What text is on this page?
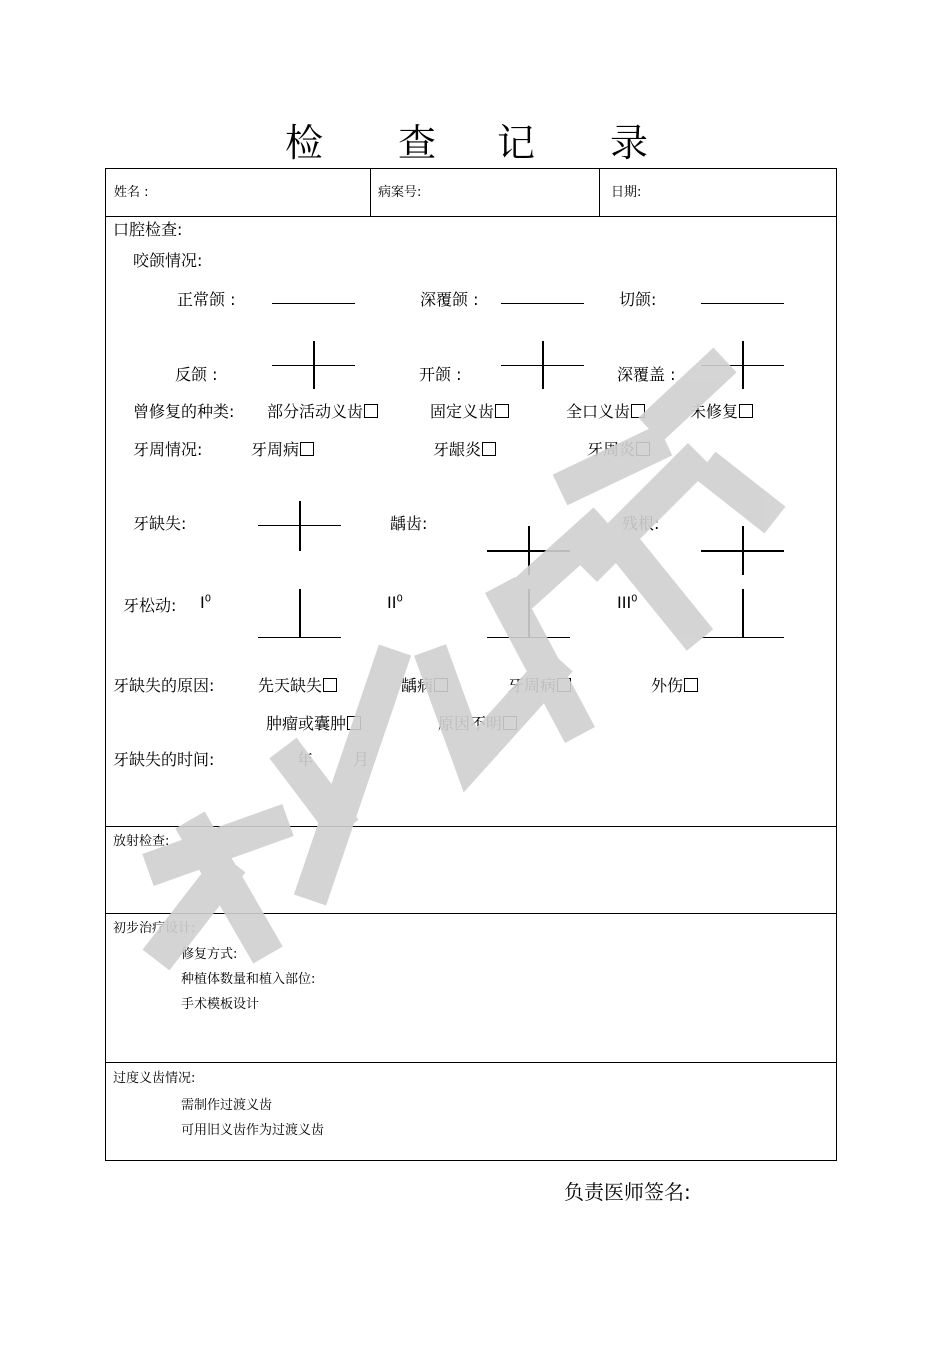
检 查 记 录
姓名 :	病案号:	日期:
口腔检查:
咬颌情况:
正常颌 :	深覆颌 :	切颌:
反颌 :	开颌 :	深覆盖 :
曾修复的种类: 部分活动义齿	固定义齿	全口义齿	未修复
牙周情况:	牙周病	牙龈炎	牙周炎
牙缺失:	龋齿:	残根:
牙松动: $I^0$	$II^0$	III$^0$
牙缺失的原因:	先天缺失	龋病	牙周病	外伤
肿瘤或囊肿	原因不明
牙缺失的时间:	年 月
放射检查:
初步治疗设计:
修复方式:
种植体数量和植入部位:
手术模板设计
过度义齿情况:
需制作过渡义齿
可用旧义齿作为过渡义齿
负责医师签名:
